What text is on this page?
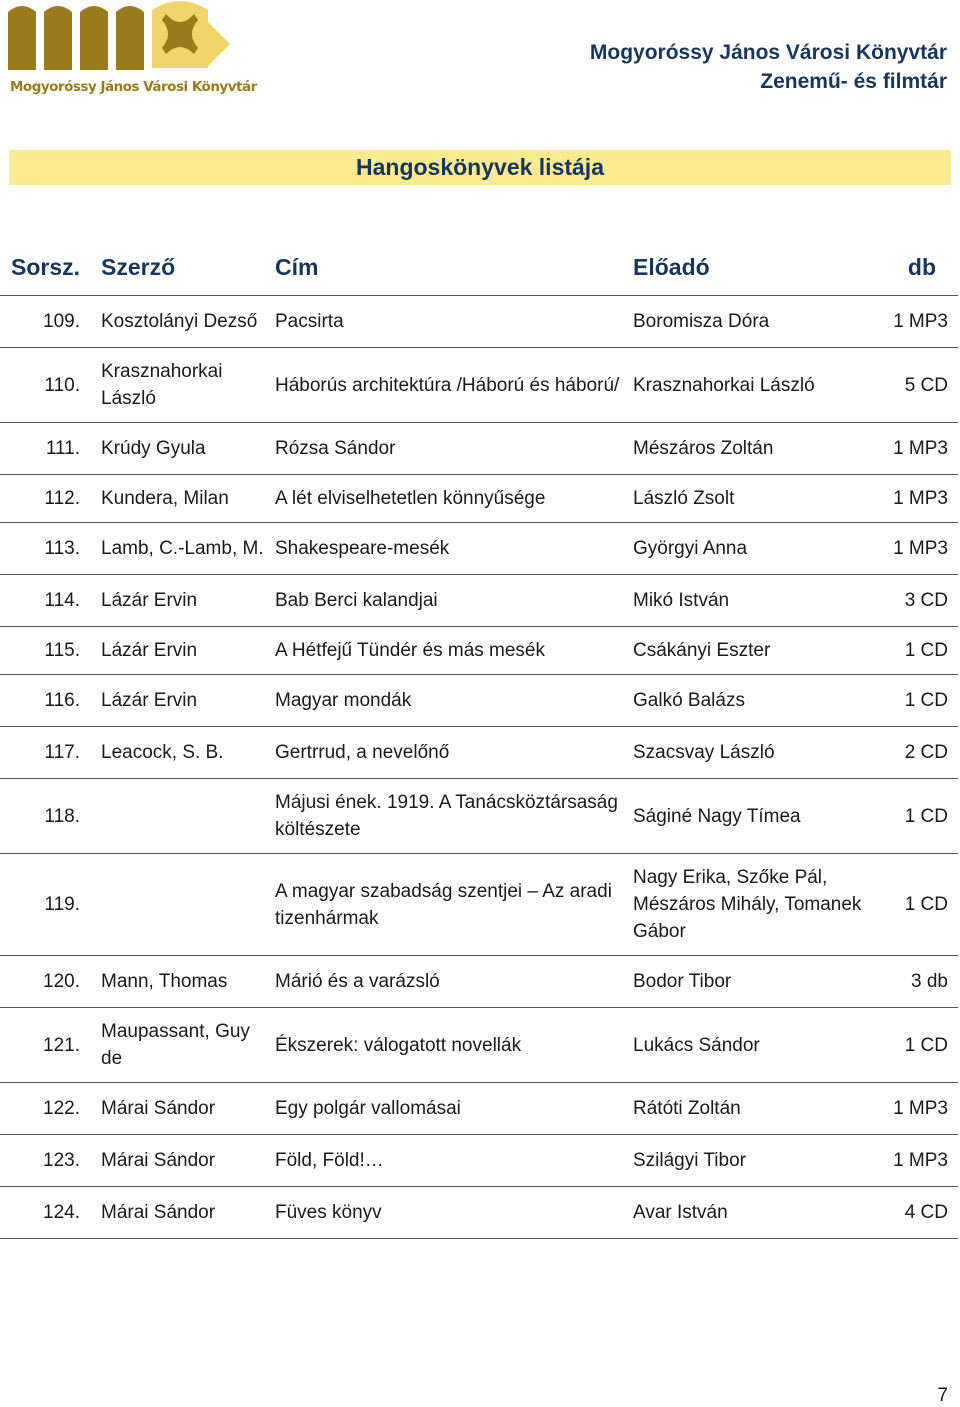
Mogyoróssy János Városi Könyvtár
Mogyoróssy János Városi Könyvtár
Zenemű- és filmtár
Hangoskönyvek listája
Sorsz.	Szerző	Cím	Előadó	db
109.	Kosztolányi Dezső	Pacsirta	Boromisza Dóra	1 MP3
110.	Krasznahorkai László	Háborús architektúra /Háború és háború/	Krasznahorkai László	5 CD
111.	Krúdy Gyula	Rózsa Sándor	Mészáros Zoltán	1 MP3
112.	Kundera, Milan	A lét elviselhetetlen könnyűsége	László Zsolt	1 MP3
113.	Lamb, C.-Lamb, M.	Shakespeare-mesék	Györgyi Anna	1 MP3
114.	Lázár Ervin	Bab Berci kalandjai	Mikó István	3 CD
115.	Lázár Ervin	A Hétfejű Tündér és más mesék	Csákányi Eszter	1 CD
116.	Lázár Ervin	Magyar mondák	Galkó Balázs	1 CD
117.	Leacock, S. B.	Gertrrud, a nevelőnő	Szacsvay László	2 CD
118.		Májusi ének. 1919. A Tanácsköztársaság költészete	Ságiné Nagy Tímea	1 CD
119.		A magyar szabadság szentjei – Az aradi tizenhármak	Nagy Erika, Szőke Pál, Mészáros Mihály, Tomanek Gábor	1 CD
120.	Mann, Thomas	Márió és a varázsló	Bodor Tibor	3 db
121.	Maupassant, Guy de	Ékszerek: válogatott novellák	Lukács Sándor	1 CD
122.	Márai Sándor	Egy polgár vallomásai	Rátóti Zoltán	1 MP3
123.	Márai Sándor	Föld, Föld!…	Szilágyi Tibor	1 MP3
124.	Márai Sándor	Füves könyv	Avar István	4 CD
7
